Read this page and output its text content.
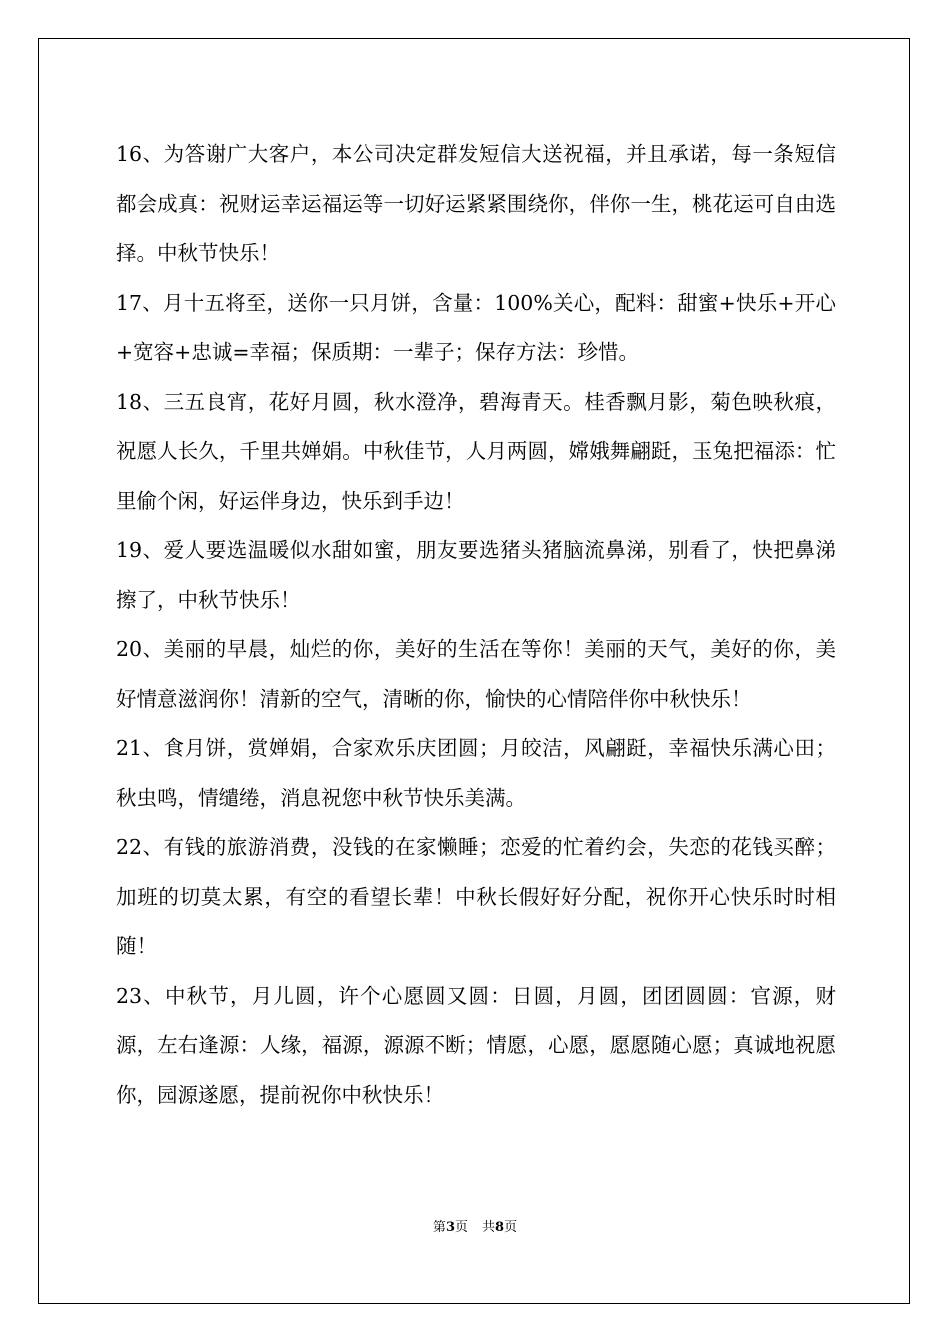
16、为答谢广大客户，本公司决定群发短信大送祝福，并且承诺，每一条短信都会成真：祝财运幸运福运等一切好运紧紧围绕你，伴你一生，桃花运可自由选择。中秋节快乐！

17、月十五将至，送你一只月饼，含量：100%关心，配料：甜蜜+快乐+开心+宽容+忠诚=幸福；保质期：一辈子；保存方法：珍惜。

18、三五良宵，花好月圆，秋水澄净，碧海青天。桂香飘月影，菊色映秋痕，祝愿人长久，千里共婵娟。中秋佳节，人月两圆，嫦娥舞翩跹，玉兔把福添：忙里偷个闲，好运伴身边，快乐到手边！

19、爱人要选温暖似水甜如蜜，朋友要选猪头猪脑流鼻涕，别看了，快把鼻涕擦了，中秋节快乐！

20、美丽的早晨，灿烂的你，美好的生活在等你！美丽的天气，美好的你，美好情意滋润你！清新的空气，清晰的你，愉快的心情陪伴你中秋快乐！

21、食月饼，赏婵娟，合家欢乐庆团圆；月皎洁，风翩跹，幸福快乐满心田；秋虫鸣，情缱绻，消息祝您中秋节快乐美满。

22、有钱的旅游消费，没钱的在家懒睡；恋爱的忙着约会，失恋的花钱买醉；加班的切莫太累，有空的看望长辈！中秋长假好好分配，祝你开心快乐时时相随！

23、中秋节，月儿圆，许个心愿圆又圆：日圆，月圆，团团圆圆：官源，财源，左右逢源：人缘，福源，源源不断；情愿，心愿，愿愿随心愿；真诚地祝愿你，园源遂愿，提前祝你中秋快乐！

第3页 共8页
